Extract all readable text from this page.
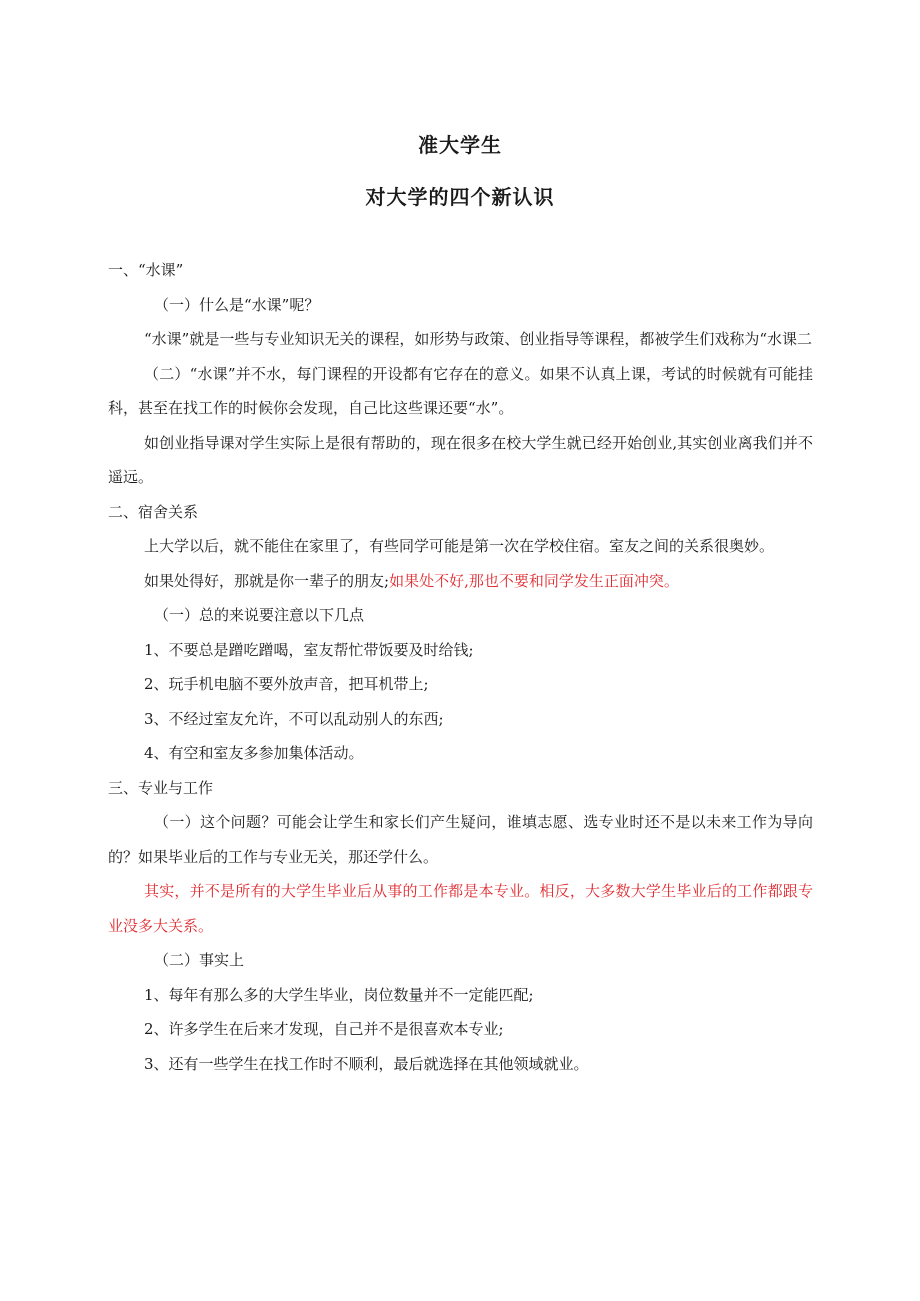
准大学生
对大学的四个新认识

一、“水课”

（一）什么是“水课”呢？

“水课”就是一些与专业知识无关的课程，如形势与政策、创业指导等课程，都被学生们戏称为“水课二

（二）“水课”并不水，每门课程的开设都有它存在的意义。如果不认真上课，考试的时候就有可能挂科，甚至在找工作的时候你会发现，自己比这些课还要“水”。

如创业指导课对学生实际上是很有帮助的，现在很多在校大学生就已经开始创业,其实创业离我们并不遥远。

二、宿舍关系

上大学以后，就不能住在家里了，有些同学可能是第一次在学校住宿。室友之间的关系很奥妙。

如果处得好，那就是你一辈子的朋友;如果处不好,那也不要和同学发生正面冲突。

（一）总的来说要注意以下几点

1、不要总是蹭吃蹭喝，室友帮忙带饭要及时给钱;

2、玩手机电脑不要外放声音，把耳机带上;

3、不经过室友允许，不可以乱动别人的东西;

4、有空和室友多参加集体活动。

三、专业与工作

（一）这个问题？可能会让学生和家长们产生疑问，谁填志愿、选专业时还不是以未来工作为导向的？如果毕业后的工作与专业无关，那还学什么。

其实，并不是所有的大学生毕业后从事的工作都是本专业。相反，大多数大学生毕业后的工作都跟专业没多大关系。

（二）事实上

1、每年有那么多的大学生毕业，岗位数量并不一定能匹配;

2、许多学生在后来才发现，自己并不是很喜欢本专业;

3、还有一些学生在找工作时不顺利，最后就选择在其他领域就业。
